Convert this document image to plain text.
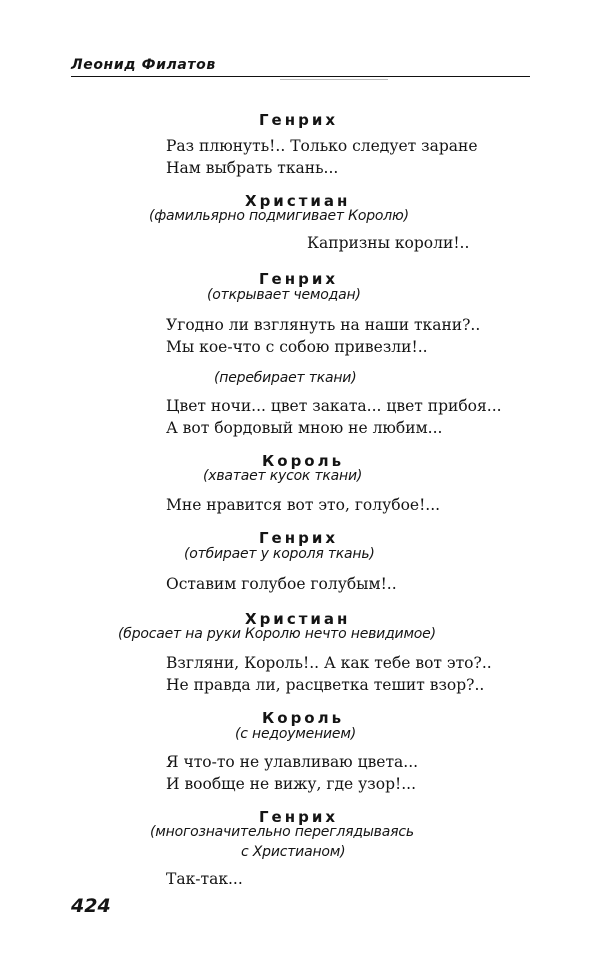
Леонид Филатов
Генрих
Раз плюнуть!.. Только следует заране
Нам выбрать ткань...
Христиан
(фамильярно подмигивает Королю)
Капризны короли!..
Генрих
(открывает чемодан)
Угодно ли взглянуть на наши ткани?..
Мы кое-что с собою привезли!..
(перебирает ткани)
Цвет ночи... цвет заката... цвет прибоя...
А вот бордовый мною не любим...
Король
(хватает кусок ткани)
Мне нравится вот это, голубое!...
Генрих
(отбирает у короля ткань)
Оставим голубое голубым!..
Христиан
(бросает на руки Королю нечто невидимое)
Взгляни, Король!.. А как тебе вот это?..
Не правда ли, расцветка тешит взор?..
Король
(с недоумением)
Я что-то не улавливаю цвета...
И вообще не вижу, где узор!...
Генрих
(многозначительно переглядываясь
с Христианом)
Так-так...
424
